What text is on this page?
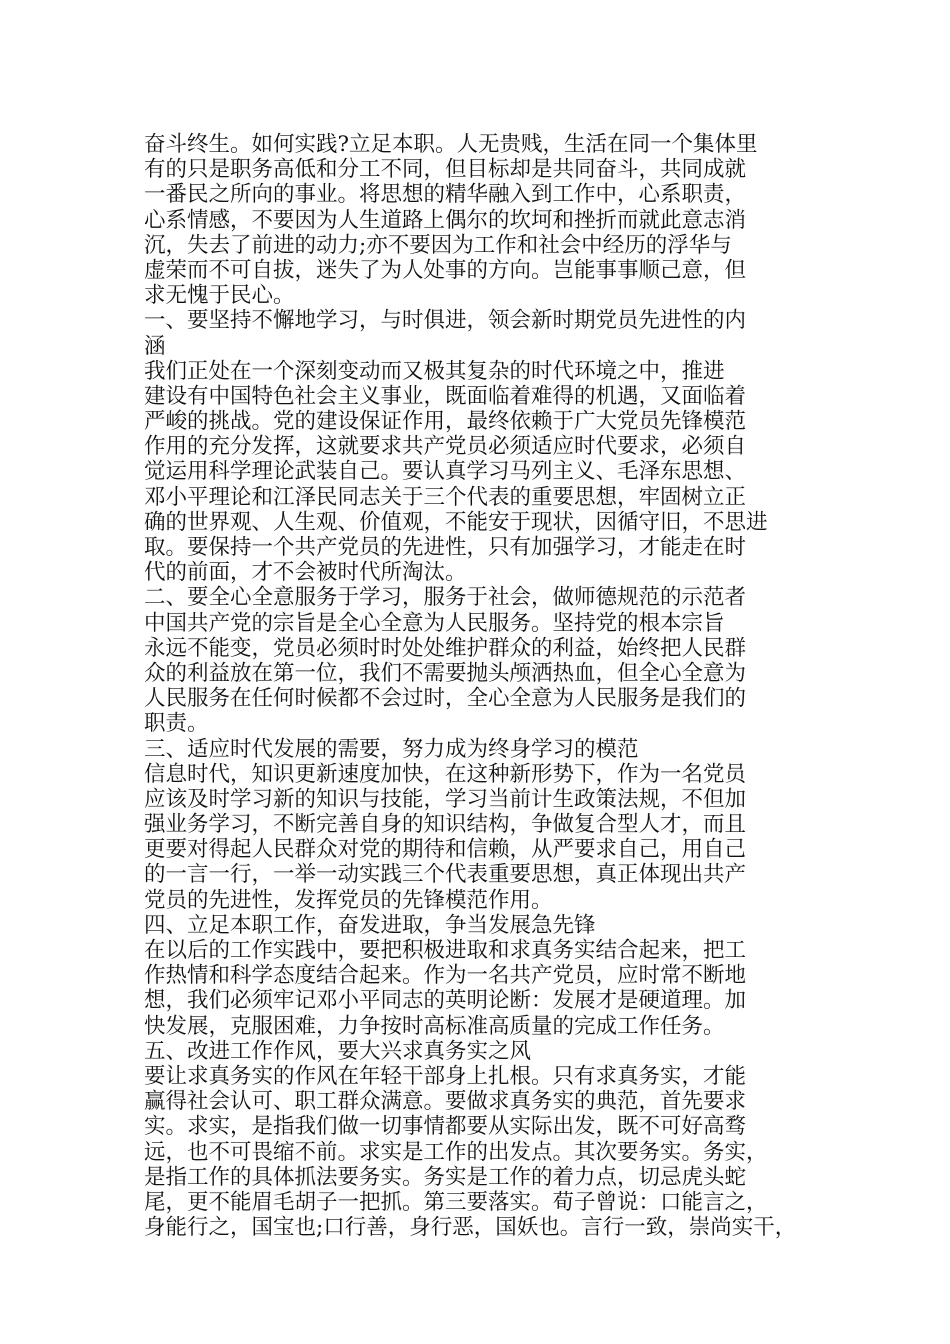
奋斗终生。如何实践?立足本职。人无贵贱，生活在同一个集体里
有的只是职务高低和分工不同，但目标却是共同奋斗，共同成就
一番民之所向的事业。将思想的精华融入到工作中，心系职责，
心系情感，不要因为人生道路上偶尔的坎坷和挫折而就此意志消
沉，失去了前进的动力;亦不要因为工作和社会中经历的浮华与
虚荣而不可自拔，迷失了为人处事的方向。岂能事事顺己意，但
求无愧于民心。
一、要坚持不懈地学习，与时俱进，领会新时期党员先进性的内
涵
我们正处在一个深刻变动而又极其复杂的时代环境之中，推进
建设有中国特色社会主义事业，既面临着难得的机遇，又面临着
严峻的挑战。党的建设保证作用，最终依赖于广大党员先锋模范
作用的充分发挥，这就要求共产党员必须适应时代要求，必须自
觉运用科学理论武装自己。要认真学习马列主义、毛泽东思想、
邓小平理论和江泽民同志关于三个代表的重要思想，牢固树立正
确的世界观、人生观、价值观，不能安于现状，因循守旧，不思进
取。要保持一个共产党员的先进性，只有加强学习，才能走在时
代的前面，才不会被时代所淘汰。
二、要全心全意服务于学习，服务于社会，做师德规范的示范者
中国共产党的宗旨是全心全意为人民服务。坚持党的根本宗旨
永远不能变，党员必须时时处处维护群众的利益，始终把人民群
众的利益放在第一位，我们不需要抛头颅洒热血，但全心全意为
人民服务在任何时候都不会过时，全心全意为人民服务是我们的
职责。
三、适应时代发展的需要，努力成为终身学习的模范
信息时代，知识更新速度加快，在这种新形势下，作为一名党员
应该及时学习新的知识与技能，学习当前计生政策法规，不但加
强业务学习，不断完善自身的知识结构，争做复合型人才，而且
更要对得起人民群众对党的期待和信赖，从严要求自己，用自己
的一言一行，一举一动实践三个代表重要思想，真正体现出共产
党员的先进性，发挥党员的先锋模范作用。
四、立足本职工作，奋发进取，争当发展急先锋
在以后的工作实践中，要把积极进取和求真务实结合起来，把工
作热情和科学态度结合起来。作为一名共产党员，应时常不断地
想，我们必须牢记邓小平同志的英明论断：发展才是硬道理。加
快发展，克服困难，力争按时高标准高质量的完成工作任务。
五、改进工作作风，要大兴求真务实之风
要让求真务实的作风在年轻干部身上扎根。只有求真务实，才能
赢得社会认可、职工群众满意。要做求真务实的典范，首先要求
实。求实，是指我们做一切事情都要从实际出发，既不可好高骛
远，也不可畏缩不前。求实是工作的出发点。其次要务实。务实，
是指工作的具体抓法要务实。务实是工作的着力点，切忌虎头蛇
尾，更不能眉毛胡子一把抓。第三要落实。荀子曾说：口能言之，
身能行之，国宝也;口行善，身行恶，国妖也。言行一致，崇尚实干，
